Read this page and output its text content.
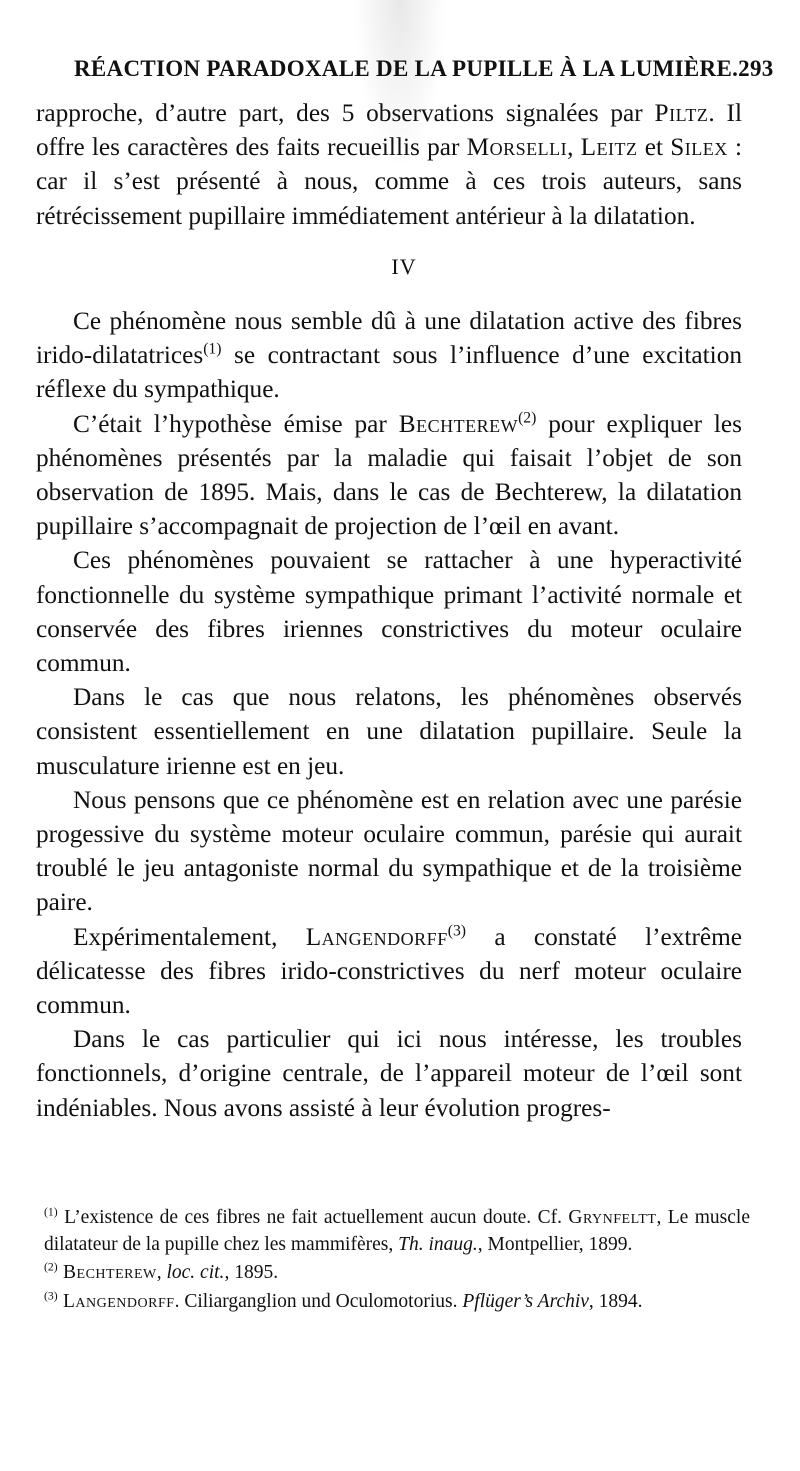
RÉACTION PARADOXALE DE LA PUPILLE À LA LUMIÈRE. 293

rapproche, d’autre part, des 5 observations signalées par Piltz. Il offre les caractères des faits recueillis par Morselli, Leitz et Silex : car il s’est présenté à nous, comme à ces trois auteurs, sans rétrécissement pupillaire immédiatement antérieur à la dilatation.

IV

Ce phénomène nous semble dû à une dilatation active des fibres irido-dilatatrices$^{(1)}$ se contractant sous l’influence d’une excitation réflexe du sympathique.

C’était l’hypothèse émise par Bechterew$^{(2)}$ pour expliquer les phénomènes présentés par la maladie qui faisait l’objet de son observation de 1895. Mais, dans le cas de Bechterew, la dilatation pupillaire s’accompagnait de projection de l’œil en avant.

Ces phénomènes pouvaient se rattacher à une hyperactivité fonctionnelle du système sympathique primant l’activité normale et conservée des fibres iriennes constrictives du moteur oculaire commun.

Dans le cas que nous relatons, les phénomènes observés consistent essentiellement en une dilatation pupillaire. Seule la musculature irienne est en jeu.

Nous pensons que ce phénomène est en relation avec une parésie progessive du système moteur oculaire commun, parésie qui aurait troublé le jeu antagoniste normal du sympathique et de la troisième paire.

Expérimentalement, Langendorff$^{(3)}$ a constaté l’extrême délicatesse des fibres irido-constrictives du nerf moteur oculaire commun.

Dans le cas particulier qui ici nous intéresse, les troubles fonctionnels, d’origine centrale, de l’appareil moteur de l’œil sont indéniables. Nous avons assisté à leur évolution progres-

$^{(1)}$ L’existence de ces fibres ne fait actuellement aucun doute. Cf. Grynfeltt, Le muscle dilatateur de la pupille chez les mammifères, Th. inaug., Montpellier, 1899.

$^{(2)}$ Bechterew, loc. cit., 1895.

$^{(3)}$ Langendorff. Ciliarganglion und Oculomotorius. Pflüger’s Archiv, 1894.
